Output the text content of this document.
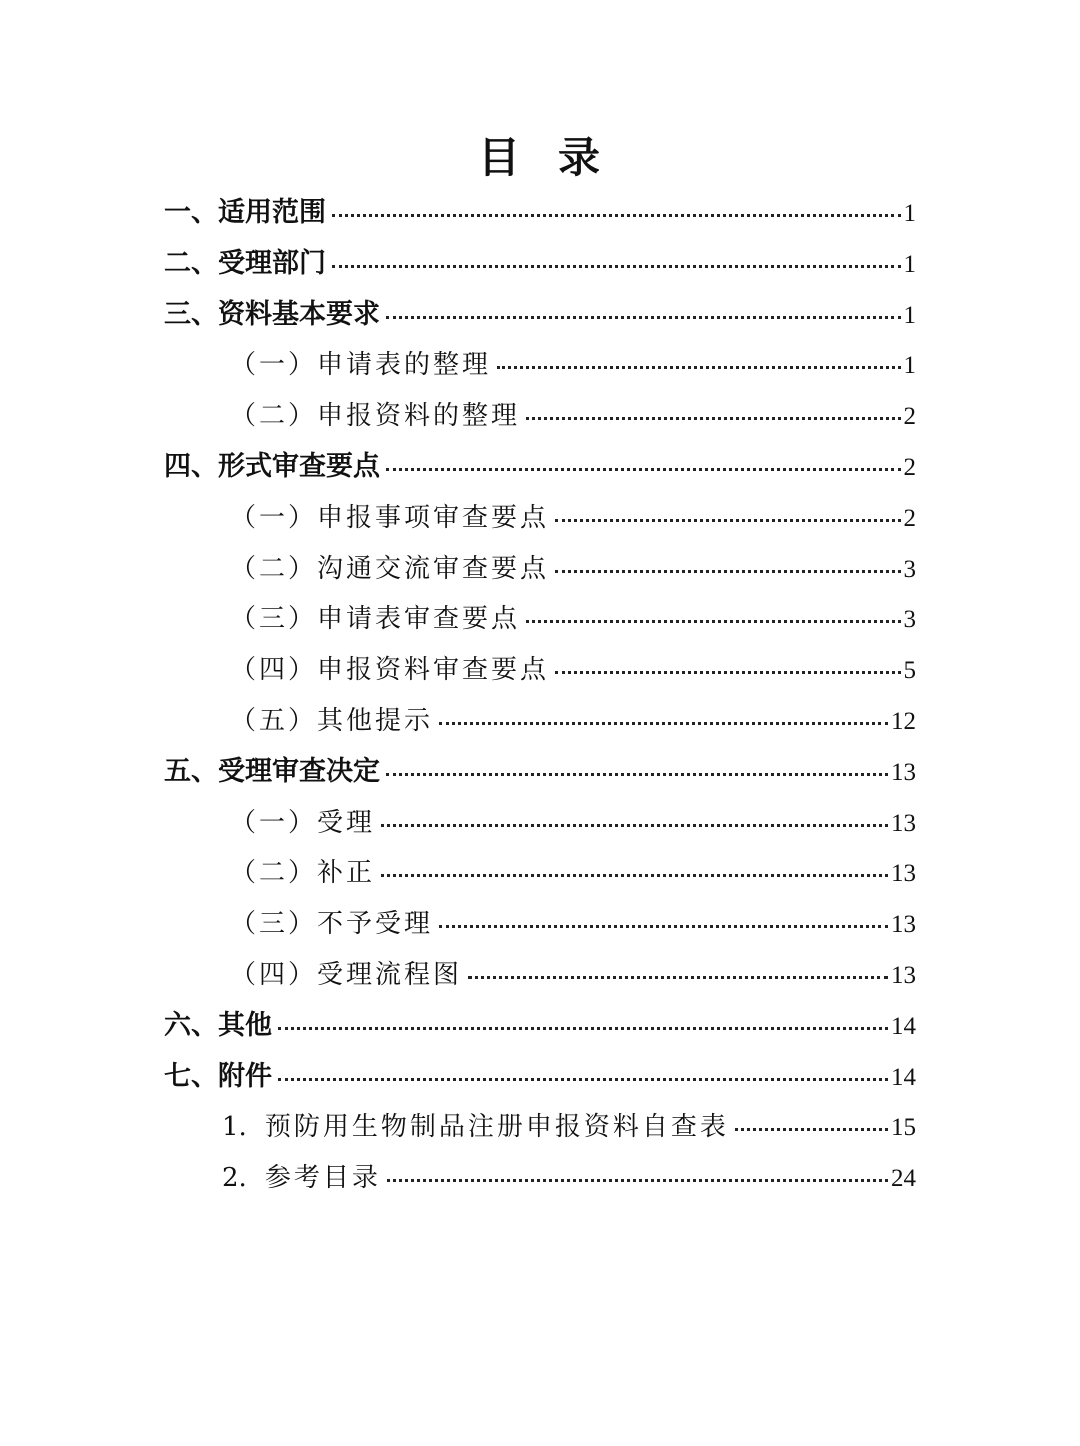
目 录
一、适用范围	1
二、受理部门	1
三、资料基本要求	1
（一）申请表的整理	1
（二）申报资料的整理	2
四、形式审查要点	2
（一）申报事项审查要点	2
（二）沟通交流审查要点	3
（三）申请表审查要点	3
（四）申报资料审查要点	5
（五）其他提示	12
五、受理审查决定	13
（一）受理	13
（二）补正	13
（三）不予受理	13
（四）受理流程图	13
六、其他	14
七、附件	14
1. 预防用生物制品注册申报资料自查表	15
2. 参考目录	24
